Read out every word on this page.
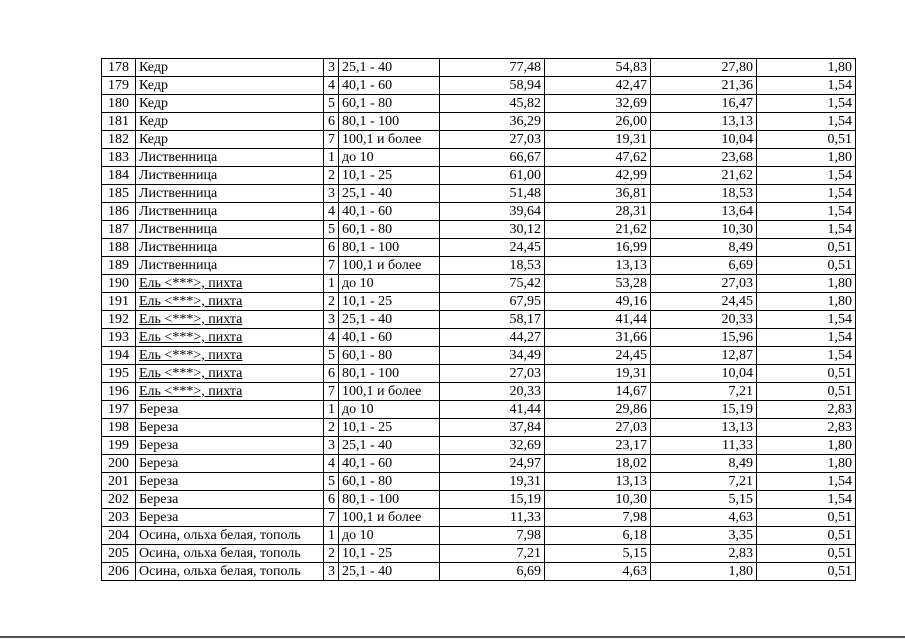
178	Кедр	3	25,1 - 40	77,48	54,83	27,80	1,80
179	Кедр	4	40,1 - 60	58,94	42,47	21,36	1,54
180	Кедр	5	60,1 - 80	45,82	32,69	16,47	1,54
181	Кедр	6	80,1 - 100	36,29	26,00	13,13	1,54
182	Кедр	7	100,1 и более	27,03	19,31	10,04	0,51
183	Лиственница	1	до 10	66,67	47,62	23,68	1,80
184	Лиственница	2	10,1 - 25	61,00	42,99	21,62	1,54
185	Лиственница	3	25,1 - 40	51,48	36,81	18,53	1,54
186	Лиственница	4	40,1 - 60	39,64	28,31	13,64	1,54
187	Лиственница	5	60,1 - 80	30,12	21,62	10,30	1,54
188	Лиственница	6	80,1 - 100	24,45	16,99	8,49	0,51
189	Лиственница	7	100,1 и более	18,53	13,13	6,69	0,51
190	Ель <***>, пихта	1	до 10	75,42	53,28	27,03	1,80
191	Ель <***>, пихта	2	10,1 - 25	67,95	49,16	24,45	1,80
192	Ель <***>, пихта	3	25,1 - 40	58,17	41,44	20,33	1,54
193	Ель <***>, пихта	4	40,1 - 60	44,27	31,66	15,96	1,54
194	Ель <***>, пихта	5	60,1 - 80	34,49	24,45	12,87	1,54
195	Ель <***>, пихта	6	80,1 - 100	27,03	19,31	10,04	0,51
196	Ель <***>, пихта	7	100,1 и более	20,33	14,67	7,21	0,51
197	Береза	1	до 10	41,44	29,86	15,19	2,83
198	Береза	2	10,1 - 25	37,84	27,03	13,13	2,83
199	Береза	3	25,1 - 40	32,69	23,17	11,33	1,80
200	Береза	4	40,1 - 60	24,97	18,02	8,49	1,80
201	Береза	5	60,1 - 80	19,31	13,13	7,21	1,54
202	Береза	6	80,1 - 100	15,19	10,30	5,15	1,54
203	Береза	7	100,1 и более	11,33	7,98	4,63	0,51
204	Осина, ольха белая, тополь	1	до 10	7,98	6,18	3,35	0,51
205	Осина, ольха белая, тополь	2	10,1 - 25	7,21	5,15	2,83	0,51
206	Осина, ольха белая, тополь	3	25,1 - 40	6,69	4,63	1,80	0,51
